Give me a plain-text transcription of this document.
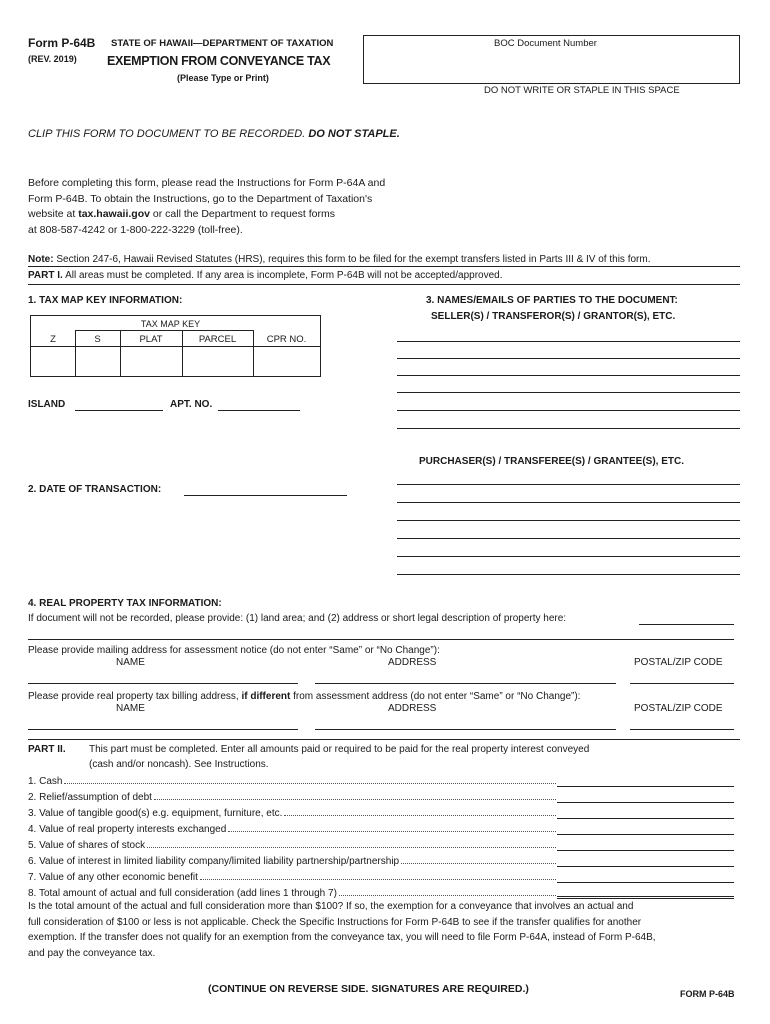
Form P-64B
(REV. 2019)
STATE OF HAWAII—DEPARTMENT OF TAXATION
EXEMPTION FROM CONVEYANCE TAX
(Please Type or Print)
BOC Document Number
DO NOT WRITE OR STAPLE IN THIS SPACE
CLIP THIS FORM TO DOCUMENT TO BE RECORDED. DO NOT STAPLE.
Before completing this form, please read the Instructions for Form P-64A and
Form P-64B. To obtain the Instructions, go to the Department of Taxation's
website at tax.hawaii.gov or call the Department to request forms
at 808-587-4242 or 1-800-222-3229 (toll-free).
Note: Section 247-6, Hawaii Revised Statutes (HRS), requires this form to be filed for the exempt transfers listed in Parts III & IV of this form.
PART I. All areas must be completed. If any area is incomplete, Form P-64B will not be accepted/approved.
1. TAX MAP KEY INFORMATION:
TAX MAP KEY
Z	S	PLAT	PARCEL	CPR NO.
ISLAND	APT. NO.
2. DATE OF TRANSACTION:
3. NAMES/EMAILS OF PARTIES TO THE DOCUMENT:
SELLER(S) / TRANSFEROR(S) / GRANTOR(S), ETC.
PURCHASER(S) / TRANSFEREE(S) / GRANTEE(S), ETC.
4. REAL PROPERTY TAX INFORMATION:
If document will not be recorded, please provide: (1) land area; and (2) address or short legal description of property here:
Please provide mailing address for assessment notice (do not enter “Same” or “No Change”):
NAME	ADDRESS	POSTAL/ZIP CODE
Please provide real property tax billing address, if different from assessment address (do not enter “Same” or “No Change”):
NAME	ADDRESS	POSTAL/ZIP CODE
PART II. This part must be completed. Enter all amounts paid or required to be paid for the real property interest conveyed
(cash and/or noncash). See Instructions.
1. Cash
2. Relief/assumption of debt
3. Value of tangible good(s) e.g. equipment, furniture, etc.
4. Value of real property interests exchanged
5. Value of shares of stock
6. Value of interest in limited liability company/limited liability partnership/partnership
7. Value of any other economic benefit
8. Total amount of actual and full consideration (add lines 1 through 7)
Is the total amount of the actual and full consideration more than $100? If so, the exemption for a conveyance that involves an actual and
full consideration of $100 or less is not applicable. Check the Specific Instructions for Form P-64B to see if the transfer qualifies for another
exemption. If the transfer does not qualify for an exemption from the conveyance tax, you will need to file Form P-64A, instead of Form P-64B,
and pay the conveyance tax.
(CONTINUE ON REVERSE SIDE. SIGNATURES ARE REQUIRED.)	FORM P-64B
